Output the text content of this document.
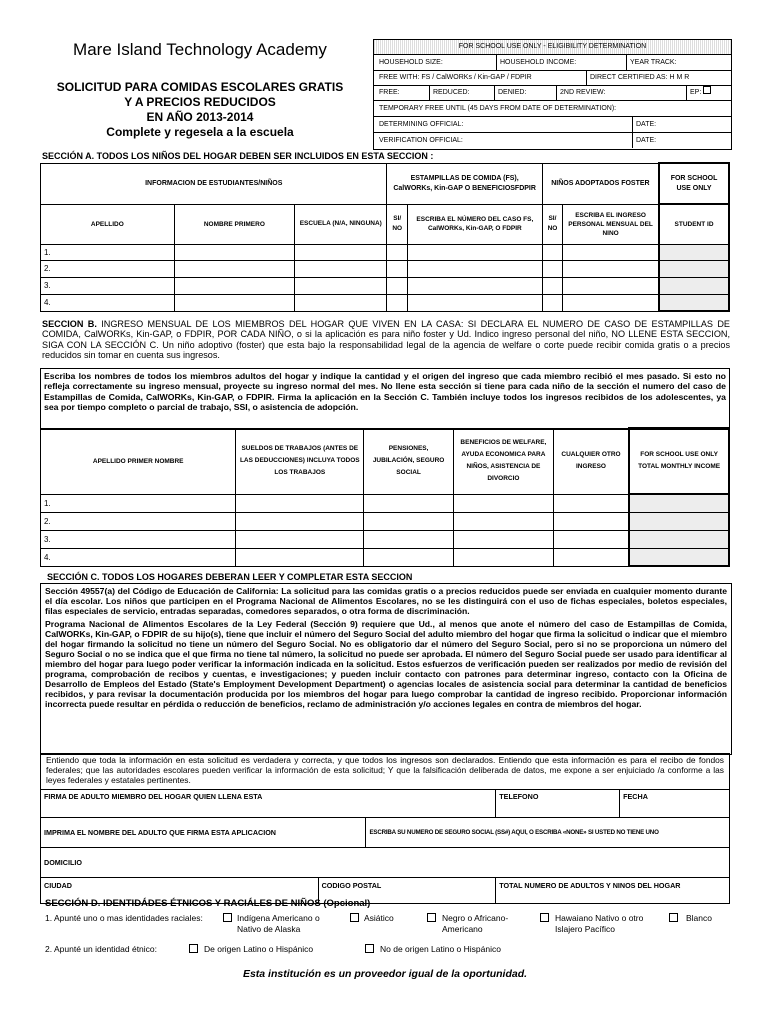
Mare Island Technology Academy
SOLICITUD PARA COMIDAS ESCOLARES GRATIS
Y A PRECIOS REDUCIDOS
EN AÑO 2013-2014
Complete y regesela a la escuela
FOR SCHOOL USE ONLY - ELIGIBILITY DETERMINATION
HOUSEHOLD SIZE:	HOUSEHOLD INCOME:	YEAR TRACK:
FREE WITH: FS / CalWORKs / Kin-GAP / FDPIR	DIRECT CERTIFIED AS: H M R
FREE:	REDUCED:	DENIED:	2ND REVIEW:	EP:
TEMPORARY FREE UNTIL (45 DAYS FROM DATE OF DETERMINATION):
DETERMINING OFFICIAL:	DATE:
VERIFICATION OFFICIAL:	DATE:
SECCIÓN A. TODOS LOS NIÑOS DEL HOGAR DEBEN SER INCLUIDOS EN ESTA SECCION :
INFORMACION DE ESTUDIANTES/NIÑOS			ESTAMPILLAS DE COMIDA (FS), CalWORKs, Kin-GAP O BENEFICIOSFDPIR		NIÑOS ADOPTADOS FOSTER		FOR SCHOOL USE ONLY
APELLIDO	NOMBRE PRIMERO	ESCUELA (N/A, NINGUNA)	SI/ NO	ESCRIBA EL NÚMERO DEL CASO FS, CalWORKs, Kin-GAP, O FDPIR	SI/ NO	ESCRIBA EL INGRESO PERSONAL MENSUAL DEL NINO	STUDENT ID
1.							
2.							
3.							
4.							
SECCION B. INGRESO MENSUAL DE LOS MIEMBROS DEL HOGAR QUE VIVEN EN LA CASA: SI DECLARA EL NUMERO DE CASO DE ESTAMPILLAS DE COMIDA, CalWORKs, Kin-GAP, o FDPIR, POR CADA NIÑO, o si la aplicación es para niño foster y Ud. Indico ingreso personal del niño, NO LLENE ESTA SECCION, SIGA CON LA SECCIÓN C. Un niño adoptivo (foster) que esta bajo la responsabilidad legal de la agencia de welfare o corte puede recibir comida gratis o a precios reducidos sin tomar en cuenta sus ingresos.
Escriba los nombres de todos los miembros adultos del hogar y indique la cantidad y el origen del ingreso que cada miembro recibió el mes pasado. Si esto no refleja correctamente su ingreso mensual, proyecte su ingreso normal del mes. No llene esta sección si tiene para cada niño de la sección el numero del caso de Estampillas de Comida, CalWORKs, Kin-GAP, o FDPIR. Firma la aplicación en la Sección C. También incluye todos los ingresos recibidos de los adolescentes, ya sea por tiempo completo o parcial de trabajo, SSI, o asistencia de adopción.
APELLIDO PRIMER NOMBRE	SUELDOS DE TRABAJOS (ANTES DE LAS DEDUCCIONES) INCLUYA TODOS LOS TRABAJOS	PENSIONES, JUBILACIÓN, SEGURO SOCIAL	BENEFICIOS DE WELFARE, AYUDA ECONOMICA PARA NIÑOS, ASISTENCIA DE DIVORCIO	CUALQUIER OTRO INGRESO	FOR SCHOOL USE ONLY TOTAL MONTHLY INCOME
1.					
2.					
3.					
4.					
SECCIÓN C. TODOS LOS HOGARES DEBERAN LEER Y COMPLETAR ESTA SECCION
Sección 49557(a) del Código de Educación de California: La solicitud para las comidas gratis o a precios reducidos puede ser enviada en cualquier momento durante el día escolar. Los niños que participen en el Programa Nacional de Alimentos Escolares, no se les distinguirá con el uso de fichas especiales, boletos especiales, filas especiales de servicio, entradas separadas, comedores separados, o otra forma de discriminación.
Programa Nacional de Alimentos Escolares de la Ley Federal (Sección 9) requiere que Ud., al menos que anote el número del caso de Estampillas de Comida, CalWORKs, Kin-GAP, o FDPIR de su hijo(s), tiene que incluir el número del Seguro Social del adulto miembro del hogar que firma la solicitud o indicar que el miembro del hogar firmando la solicitud no tiene un número del Seguro Social. No es obligatorio dar el número del Seguro Social, pero si no se proporciona un número del Seguro Social o no se indica que el que firma no tiene tal número, la solicitud no puede ser aprobada. El número del Seguro Social puede ser usado para identificar al miembro del hogar para luego poder verificar la información indicada en la solicitud. Estos esfuerzos de verificación pueden ser realizados por medio de revisión del programa, comprobación de recibos y cuentas, e investigaciones; y pueden incluir contacto con patrones para determinar ingreso, contacto con la Oficina de Desarrollo de Empleos del Estado (State's Employment Development Department) o agencias locales de asistencia social para determinar la cantidad de beneficios recibidos, y para revisar la documentación producida por los miembros del hogar para luego comprobar la cantidad de ingreso recibido. Proporcionar información incorrecta puede resultar en pérdida o reducción de beneficios, reclamo de administración y/o acciones legales en contra de miembros del hogar.
Entiendo que toda la información en esta solicitud es verdadera y correcta, y que todos los ingresos son declarados. Entiendo que esta información es para el recibo de fondos federales; que las autoridades escolares pueden verificar la información de esta solicitud; Y que la falsificación deliberada de datos, me expone a ser enjuiciado /a conforme a las leyes federales y estatales pertinentes.				
FIRMA DE ADULTO MIEMBRO DEL HOGAR QUIEN LLENA ESTA			TELEFONO	FECHA
IMPRIMA EL NOMBRE DEL ADULTO QUE FIRMA ESTA APLICACION		ESCRIBA SU NUMERO DE SEGURO SOCIAL (SS#) AQUI, O ESCRIBA «NONE» SI USTED NO TIENE UNO		
DOMICILIO				
CIUDAD	CODIGO POSTAL		TOTAL NUMERO DE ADULTOS Y NINOS DEL HOGAR	
SECCIÓN D. IDENTIDÁDES ÉTNICOS Y RACIÁLES DE NIÑOS (Opcional)
1. Apunté uno o mas identidades raciales:	Indígena Americano o Nativo de Alaska
Asiático	Negro o Africano-Americano
Hawaiano Nativo o otro Islajero Pacífico
Blanco
2. Apunté un identidad étnico:	De origen Latino o Hispánico	No de origen Latino o Hispánico
Esta institución es un proveedor igual de la oportunidad.
